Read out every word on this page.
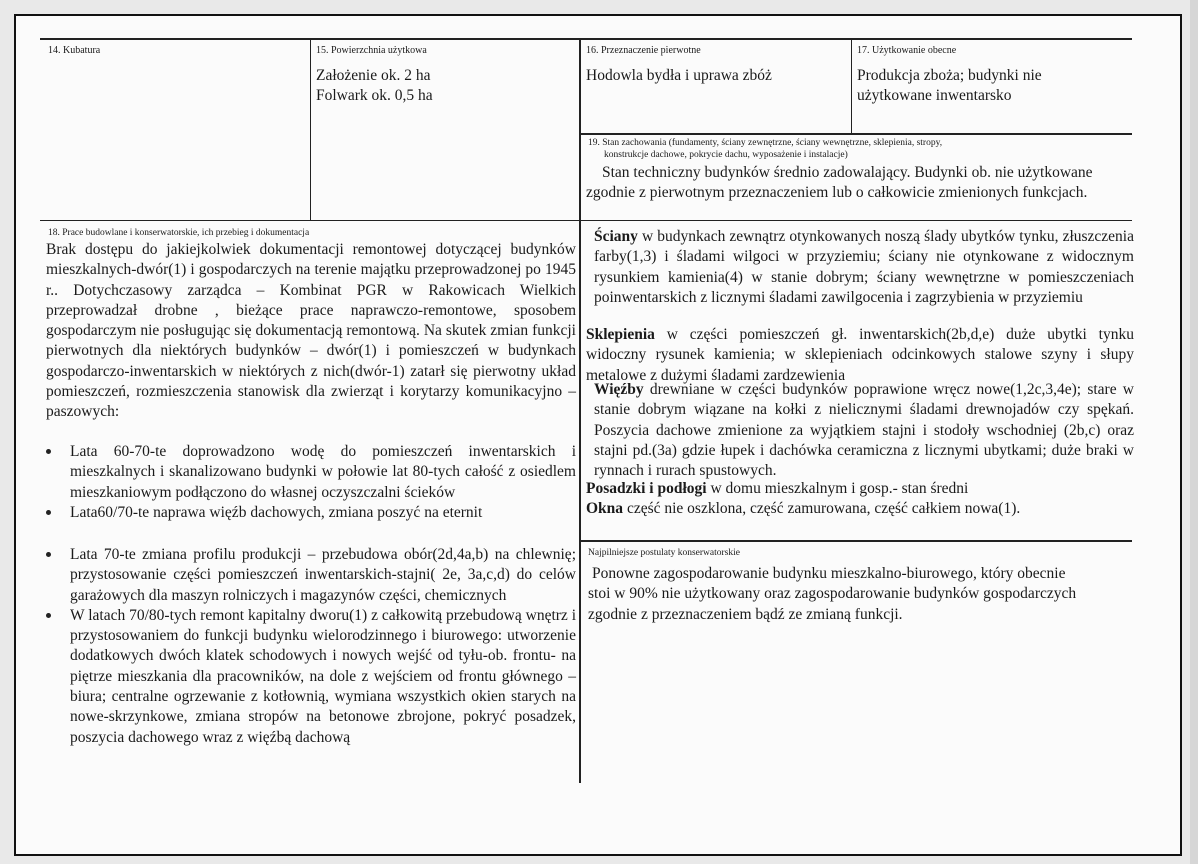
14. Kubatura	15. Powierzchnia użytkowa
Założenie ok. 2 ha
Folwark ok. 0,5 ha
16. Przeznaczenie pierwotne
Hodowla bydła i uprawa zbóż
17. Użytkowanie obecne
Produkcja zboża; budynki nie
użytkowane inwentarsko
19. Stan zachowania (fundamenty, ściany zewnętrzne, ściany wewnętrzne, sklepienia, stropy,
konstrukcje dachowe, pokrycie dachu, wyposażenie i instalacje)
Stan techniczny budynków średnio zadowalający. Budynki ob. nie użytkowane
zgodnie z pierwotnym przeznaczeniem lub o całkowicie zmienionych funkcjach.
Ściany w budynkach zewnątrz otynkowanych noszą ślady ubytków tynku, złuszczenia farby(1,3) i śladami wilgoci w przyziemiu; ściany nie otynkowane z widocznym rysunkiem kamienia(4) w stanie dobrym; ściany wewnętrzne w pomieszczeniach poinwentarskich z licznymi śladami zawilgocenia i zagrzybienia w przyziemiu
Sklepienia w części pomieszczeń gł. inwentarskich(2b,d,e) duże ubytki tynku widoczny rysunek kamienia; w sklepieniach odcinkowych stalowe szyny i słupy metalowe z dużymi śladami zardzewienia
Więźby drewniane w części budynków poprawione wręcz nowe(1,2c,3,4e); stare w stanie dobrym wiązane na kołki z nielicznymi śladami drewnojadów czy spękań. Poszycia dachowe zmienione za wyjątkiem stajni i stodoły wschodniej (2b,c) oraz stajni pd.(3a) gdzie łupek i dachówka ceramiczna z licznymi ubytkami; duże braki w rynnach i rurach spustowych.
Posadzki i podłogi w domu mieszkalnym i gosp.- stan średni
Okna część nie oszklona, część zamurowana, część całkiem nowa(1).
18. Prace budowlane i konserwatorskie, ich przebieg i dokumentacja
Brak dostępu do jakiejkolwiek dokumentacji remontowej dotyczącej budynków mieszkalnych-dwór(1) i gospodarczych na terenie majątku przeprowadzonej po 1945 r.. Dotychczasowy zarządca – Kombinat PGR w Rakowicach Wielkich przeprowadzał drobne , bieżące prace naprawczo-remontowe, sposobem gospodarczym nie posługując się dokumentacją remontową. Na skutek zmian funkcji pierwotnych dla niektórych budynków – dwór(1) i pomieszczeń w budynkach gospodarczo-inwentarskich w niektórych z nich(dwór-1) zatarł się pierwotny układ pomieszczeń, rozmieszczenia stanowisk dla zwierząt i korytarzy komunikacyjno – paszowych:
Lata 60-70-te doprowadzono wodę do pomieszczeń inwentarskich i mieszkalnych i skanalizowano budynki w połowie lat 80-tych całość z osiedlem mieszkaniowym podłączono do własnej oczyszczalni ścieków
Lata60/70-te naprawa więźb dachowych, zmiana poszyć na eternit
Lata 70-te zmiana profilu produkcji – przebudowa obór(2d,4a,b) na chlewnię; przystosowanie części pomieszczeń inwentarskich-stajni( 2e, 3a,c,d) do celów garażowych dla maszyn rolniczych i magazynów części, chemicznych
W latach 70/80-tych remont kapitalny dworu(1) z całkowitą przebudową wnętrz i przystosowaniem do funkcji budynku wielorodzinnego i biurowego: utworzenie dodatkowych dwóch klatek schodowych i nowych wejść od tyłu-ob. frontu- na piętrze mieszkania dla pracowników, na dole z wejściem od frontu głównego – biura; centralne ogrzewanie z kotłownią, wymiana wszystkich okien starych na nowe-skrzynkowe, zmiana stropów na betonowe zbrojone, pokryć posadzek, poszycia dachowego wraz z więźbą dachową
Najpilniejsze postulaty konserwatorskie
Ponowne zagospodarowanie budynku mieszkalno-biurowego, który obecnie
stoi w 90% nie użytkowany oraz zagospodarowanie budynków gospodarczych
zgodnie z przeznaczeniem bądź ze zmianą funkcji.
